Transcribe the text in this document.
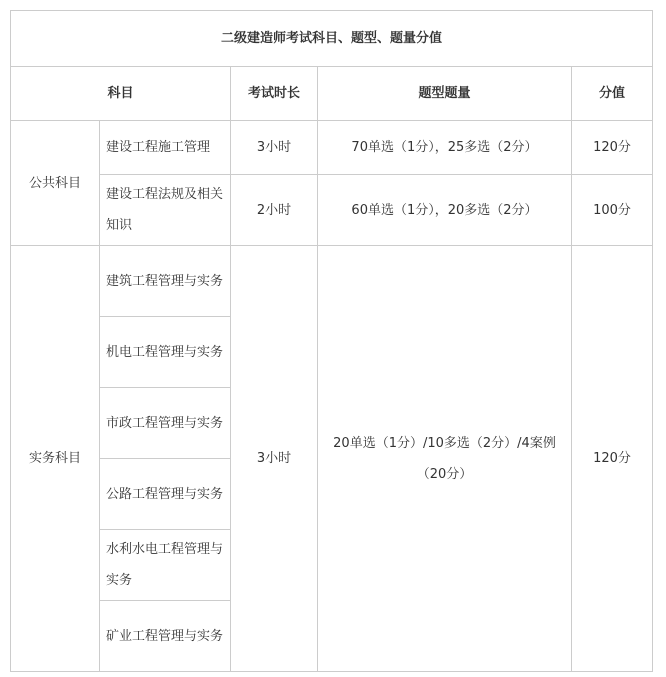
二级建造师考试科目、题型、题量分值				
科目		考试时长	题型题量	分值
公共科目	建设工程施工管理	3小时	70单选（1分），25多选（2分）	120分
	建设工程法规及相关知识	2小时	60单选（1分），20多选（2分）	100分
实务科目	建筑工程管理与实务	3小时	20单选（1分）/10多选（2分）/4案例（20分）	120分
	机电工程管理与实务			
	市政工程管理与实务			
	公路工程管理与实务			
	水利水电工程管理与实务			
	矿业工程管理与实务			
